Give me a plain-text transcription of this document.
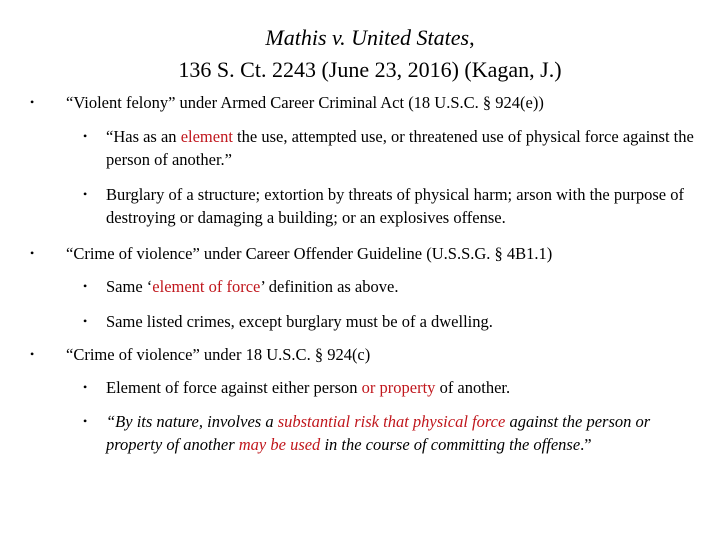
Mathis v. United States,
136 S. Ct. 2243 (June 23, 2016) (Kagan, J.)
• “Violent felony” under Armed Career Criminal Act (18 U.S.C. § 924(e))
• “Has as an element the use, attempted use, or threatened use of physical force against the person of another.”
• Burglary of a structure; extortion by threats of physical harm; arson with the purpose of destroying or damaging a building; or an explosives offense.
• “Crime of violence” under Career Offender Guideline (U.S.S.G. § 4B1.1)
• Same ‘element of force’ definition as above.
• Same listed crimes, except burglary must be of a dwelling.
• “Crime of violence” under 18 U.S.C. § 924(c)
• Element of force against either person or property of another.
• “By its nature, involves a substantial risk that physical force against the person or property of another may be used in the course of committing the offense.”
